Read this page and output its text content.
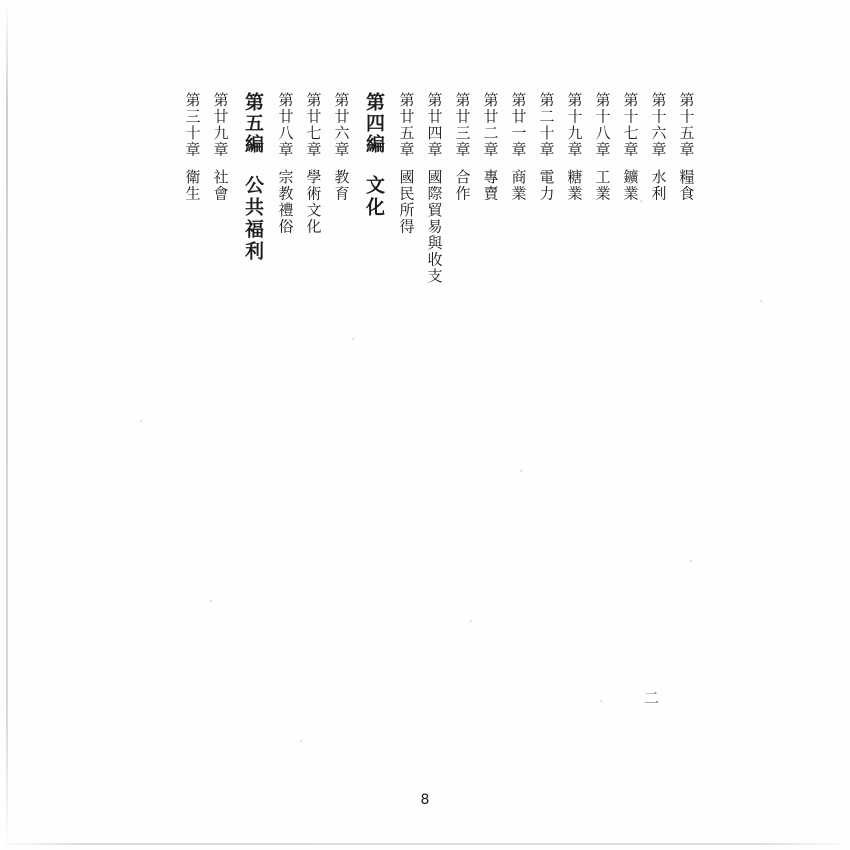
第三十章衛生
第廿九章社會
第五編公共福利
第廿八章宗教禮俗
第廿七章學術文化
第廿六章教育
第四編文化
第廿五章國民所得
第廿四章國際貿易與收支
第廿三章合作
第廿二章專賣
第廿一章商業
第二十章電力
第十九章糖業
第十八章工業
第十七章鑛業
第十六章水利
第十五章糧食
二
8
